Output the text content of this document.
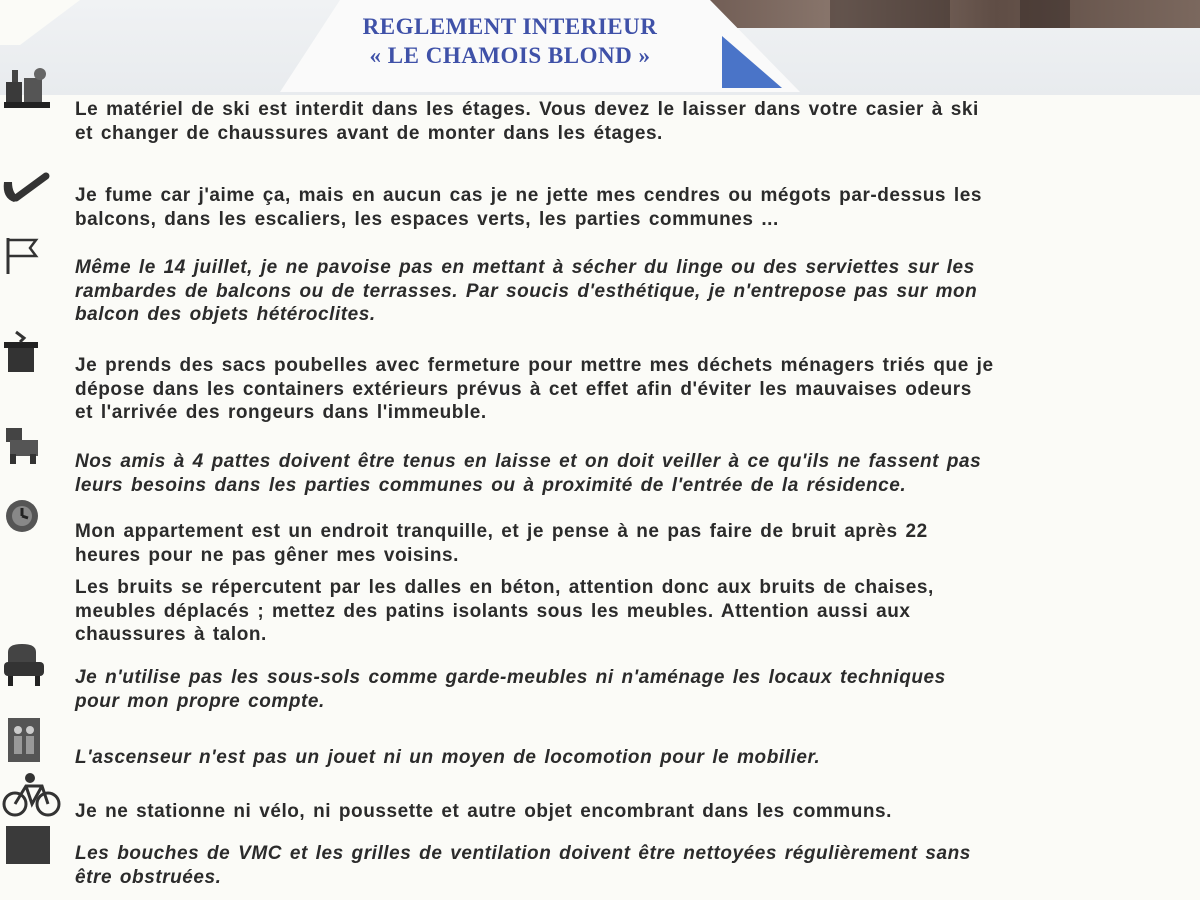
REGLEMENT INTERIEUR
« LE CHAMOIS BLOND »

Le matériel de ski est interdit dans les étages. Vous devez le laisser dans votre casier à ski
et changer de chaussures avant de monter dans les étages.

Je fume car j'aime ça, mais en aucun cas je ne jette mes cendres ou mégots par-dessus les
balcons, dans les escaliers, les espaces verts, les parties communes ...

Même le 14 juillet, je ne pavoise pas en mettant à sécher du linge ou des serviettes sur les
rambardes de balcons ou de terrasses. Par soucis d'esthétique, je n'entrepose pas sur mon
balcon des objets hétéroclites.

Je prends des sacs poubelles avec fermeture pour mettre mes déchets ménagers triés que je
dépose dans les containers extérieurs prévus à cet effet afin d'éviter les mauvaises odeurs
et l'arrivée des rongeurs dans l'immeuble.

Nos amis à 4 pattes doivent être tenus en laisse et on doit veiller à ce qu'ils ne fassent pas
leurs besoins dans les parties communes ou à proximité de l'entrée de la résidence.

Mon appartement est un endroit tranquille, et je pense à ne pas faire de bruit après 22
heures pour ne pas gêner mes voisins.

Les bruits se répercutent par les dalles en béton, attention donc aux bruits de chaises,
meubles déplacés ; mettez des patins isolants sous les meubles. Attention aussi aux
chaussures à talon.

Je n'utilise pas les sous-sols comme garde-meubles ni n'aménage les locaux techniques
pour mon propre compte.

L'ascenseur n'est pas un jouet ni un moyen de locomotion pour le mobilier.

Je ne stationne ni vélo, ni poussette et autre objet encombrant dans les communs.

Les bouches de VMC et les grilles de ventilation doivent être nettoyées régulièrement sans
être obstruées.
